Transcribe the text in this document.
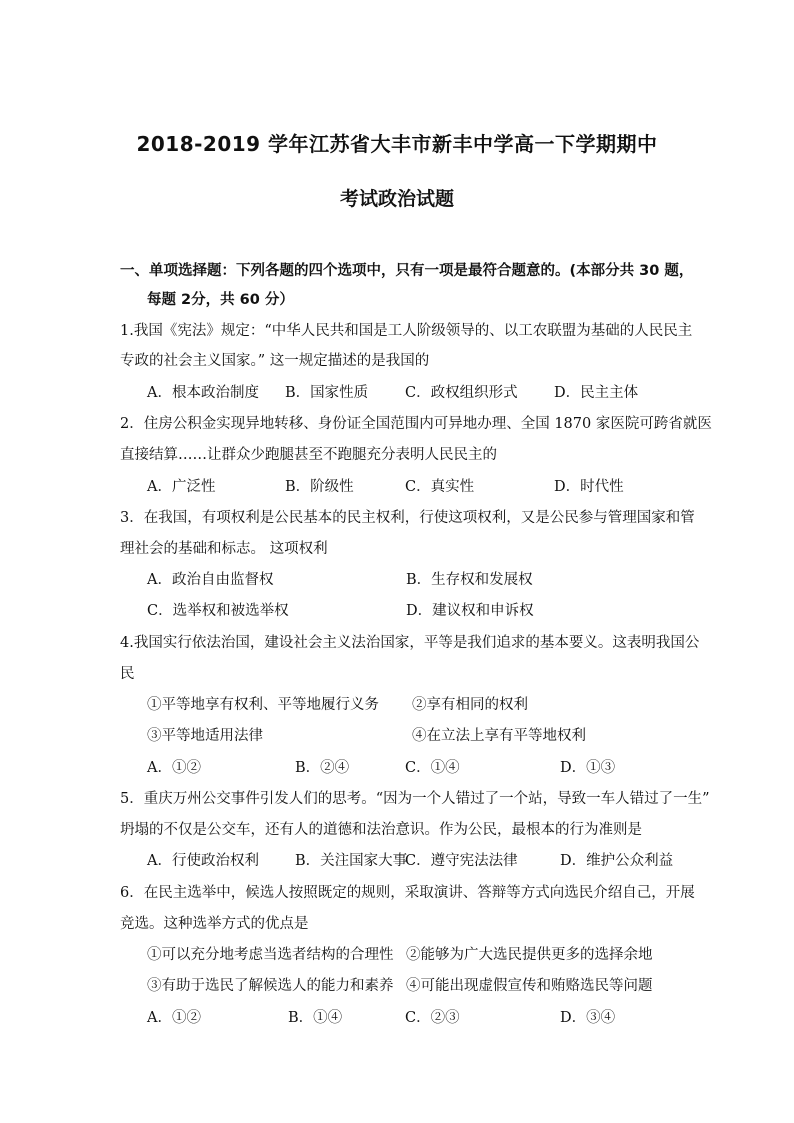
2018-2019 学年江苏省大丰市新丰中学高一下学期期中
考试政治试题
一、单项选择题：下列各题的四个选项中，只有一项是最符合题意的。(本部分共 30 题，
每题 2分，共 60 分）
1.我国《宪法》规定：“中华人民共和国是工人阶级领导的、以工农联盟为基础的人民民主
专政的社会主义国家。” 这一规定描述的是我国的
A．根本政治制度 B．国家性质	C．政权组织形式	D．民主主体
2．住房公积金实现异地转移、身份证全国范围内可异地办理、全国 1870 家医院可跨省就医
直接结算……让群众少跑腿甚至不跑腿充分表明人民民主的
A．广泛性	B．阶级性	C．真实性	D．时代性
3．在我国，有项权利是公民基本的民主权利，行使这项权利，又是公民参与管理国家和管
理社会的基础和标志。 这项权利
A．政治自由监督权	B．生存权和发展权
C．选举权和被选举权	D．建议权和申诉权
4.我国实行依法治国，建设社会主义法治国家，平等是我们追求的基本要义。这表明我国公
民
①平等地享有权利、平等地履行义务 ②享有相同的权利
③平等地适用法律	④在立法上享有平等地权利
A．①②	B．②④	C．①④	D．①③
5．重庆万州公交事件引发人们的思考。“因为一个人错过了一个站，导致一车人错过了一生”
坍塌的不仅是公交车，还有人的道德和法治意识。作为公民，最根本的行为准则是
A．行使政治权利 B．关注国家大事
C．遵守宪法法律	D．维护公众利益
6．在民主选举中，候选人按照既定的规则，采取演讲、答辩等方式向选民介绍自己，开展
竞选。这种选举方式的优点是
①可以充分地考虑当选者结构的合理性 ②能够为广大选民提供更多的选择余地
③有助于选民了解候选人的能力和素养 ④可能出现虚假宣传和贿赂选民等问题
A．①②	B．①④	C．②③	D．③④
